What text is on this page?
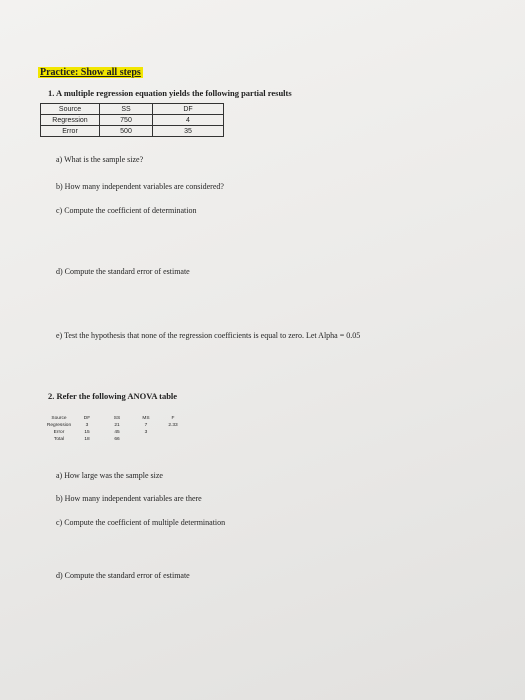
Practice: Show all steps
1. A multiple regression equation yields the following partial results
Source	SS	DF
Regression	750	4
Error	500	35
a) What is the sample size?
b) How many independent variables are considered?
c) Compute the coefficient of determination
d) Compute the standard error of estimate
e) Test the hypothesis that none of the regression coefficients is equal to zero. Let Alpha = 0.05
2. Refer the following ANOVA table
Source	DF	SS	MS	F
Regression	3	21	7	2.33
Error	15	45	3	
Total	18	66		
a) How large was the sample size
b) How many independent variables are there
c) Compute the coefficient of multiple determination
d) Compute the standard error of estimate
